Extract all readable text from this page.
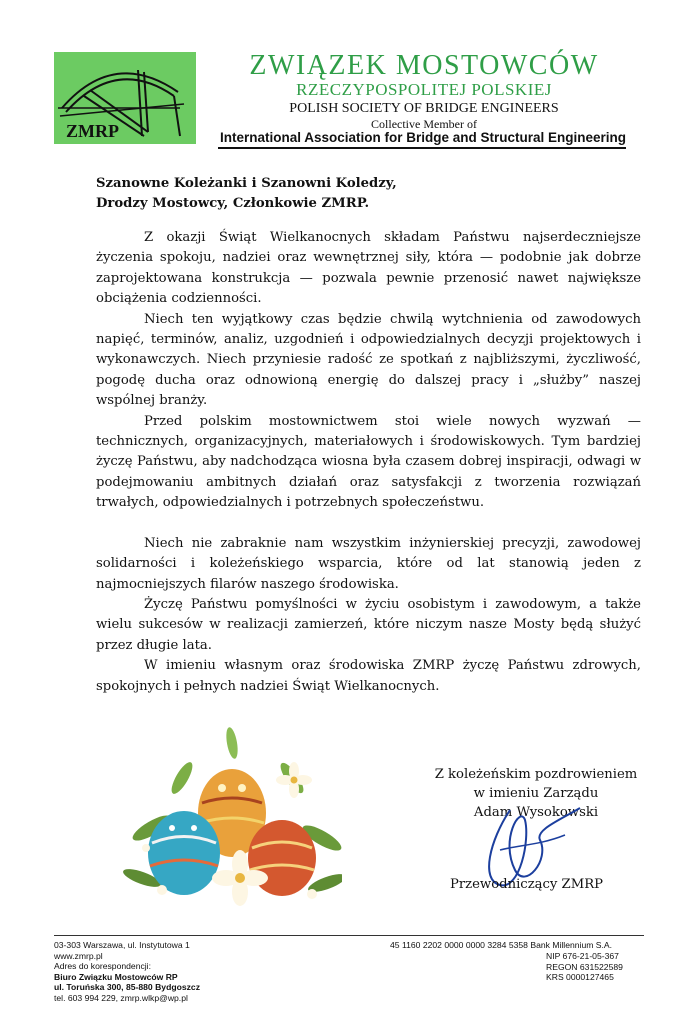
ZMRP
ZWIĄZEK MOSTOWCÓW
RZECZYPOSPOLITEJ POLSKIEJ
POLISH SOCIETY OF BRIDGE ENGINEERS
Collective Member of
International Association for Bridge and Structural Engineering
Szanowne Koleżanki i Szanowni Koledzy,
Drodzy Mostowcy, Członkowie ZMRP.

Z okazji Świąt Wielkanocnych składam Państwu najserdeczniejsze życzenia spokoju, nadziei oraz wewnętrznej siły, która — podobnie jak dobrze zaprojektowana konstrukcja — pozwala pewnie przenosić nawet największe obciążenia codzienności.

Niech ten wyjątkowy czas będzie chwilą wytchnienia od zawodowych napięć, terminów, analiz, uzgodnień i odpowiedzialnych decyzji projektowych i wykonawczych. Niech przyniesie radość ze spotkań z najbliższymi, życzliwość, pogodę ducha oraz odnowioną energię do dalszej pracy i „służby” naszej wspólnej branży.

Przed polskim mostownictwem stoi wiele nowych wyzwań — technicznych, organizacyjnych, materiałowych i środowiskowych. Tym bardziej życzę Państwu, aby nadchodząca wiosna była czasem dobrej inspiracji, odwagi w podejmowaniu ambitnych działań oraz satysfakcji z tworzenia rozwiązań trwałych, odpowiedzialnych i potrzebnych społeczeństwu.

Niech nie zabraknie nam wszystkim inżynierskiej precyzji, zawodowej solidarności i koleżeńskiego wsparcia, które od lat stanowią jeden z najmocniejszych filarów naszego środowiska.

Życzę Państwu pomyślności w życiu osobistym i zawodowym, a także wielu sukcesów w realizacji zamierzeń, które niczym nasze Mosty będą służyć przez długie lata.

W imieniu własnym oraz środowiska ZMRP życzę Państwu zdrowych, spokojnych i pełnych nadziei Świąt Wielkanocnych.

Z koleżeńskim pozdrowieniem
w imieniu Zarządu
Adam Wysokowski
Przewodniczący ZMRP
03-303 Warszawa, ul. Instytutowa 1
www.zmrp.pl
Adres do korespondencji:
Biuro Związku Mostowców RP
ul. Toruńska 300, 85-880 Bydgoszcz
tel. 603 994 229, zmrp.wlkp@wp.pl
45 1160 2202 0000 0000 3284 5358 Bank Millennium S.A.
NIP 676-21-05-367
REGON 631522589
KRS 0000127465
